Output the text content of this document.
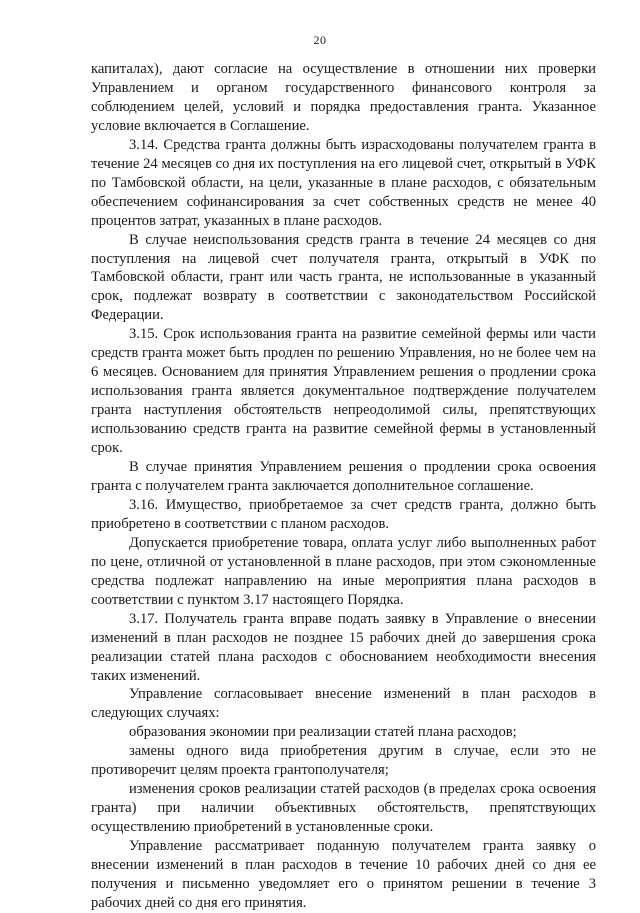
20

капиталах), дают согласие на осуществление в отношении них проверки Управлением и органом государственного финансового контроля за соблюдением целей, условий и порядка предоставления гранта. Указанное условие включается в Соглашение.

3.14. Средства гранта должны быть израсходованы получателем гранта в течение 24 месяцев со дня их поступления на его лицевой счет, открытый в УФК по Тамбовской области, на цели, указанные в плане расходов, с обязательным обеспечением софинансирования за счет собственных средств не менее 40 процентов затрат, указанных в плане расходов.

В случае неиспользования средств гранта в течение 24 месяцев со дня поступления на лицевой счет получателя гранта, открытый в УФК по Тамбовской области, грант или часть гранта, не использованные в указанный срок, подлежат возврату в соответствии с законодательством Российской Федерации.

3.15. Срок использования гранта на развитие семейной фермы или части средств гранта может быть продлен по решению Управления, но не более чем на 6 месяцев. Основанием для принятия Управлением решения о продлении срока использования гранта является документальное подтверждение получателем гранта наступления обстоятельств непреодолимой силы, препятствующих использованию средств гранта на развитие семейной фермы в установленный срок.

В случае принятия Управлением решения о продлении срока освоения гранта с получателем гранта заключается дополнительное соглашение.

3.16. Имущество, приобретаемое за счет средств гранта, должно быть приобретено в соответствии с планом расходов.

Допускается приобретение товара, оплата услуг либо выполненных работ по цене, отличной от установленной в плане расходов, при этом сэкономленные средства подлежат направлению на иные мероприятия плана расходов в соответствии с пунктом 3.17 настоящего Порядка.

3.17. Получатель гранта вправе подать заявку в Управление о внесении изменений в план расходов не позднее 15 рабочих дней до завершения срока реализации статей плана расходов с обоснованием необходимости внесения таких изменений.

Управление согласовывает внесение изменений в план расходов в следующих случаях:

образования экономии при реализации статей плана расходов;

замены одного вида приобретения другим в случае, если это не противоречит целям проекта грантополучателя;

изменения сроков реализации статей расходов (в пределах срока освоения гранта) при наличии объективных обстоятельств, препятствующих осуществлению приобретений в установленные сроки.

Управление рассматривает поданную получателем гранта заявку о внесении изменений в план расходов в течение 10 рабочих дней со дня ее получения и письменно уведомляет его о принятом решении в течение 3 рабочих дней со дня его принятия.
